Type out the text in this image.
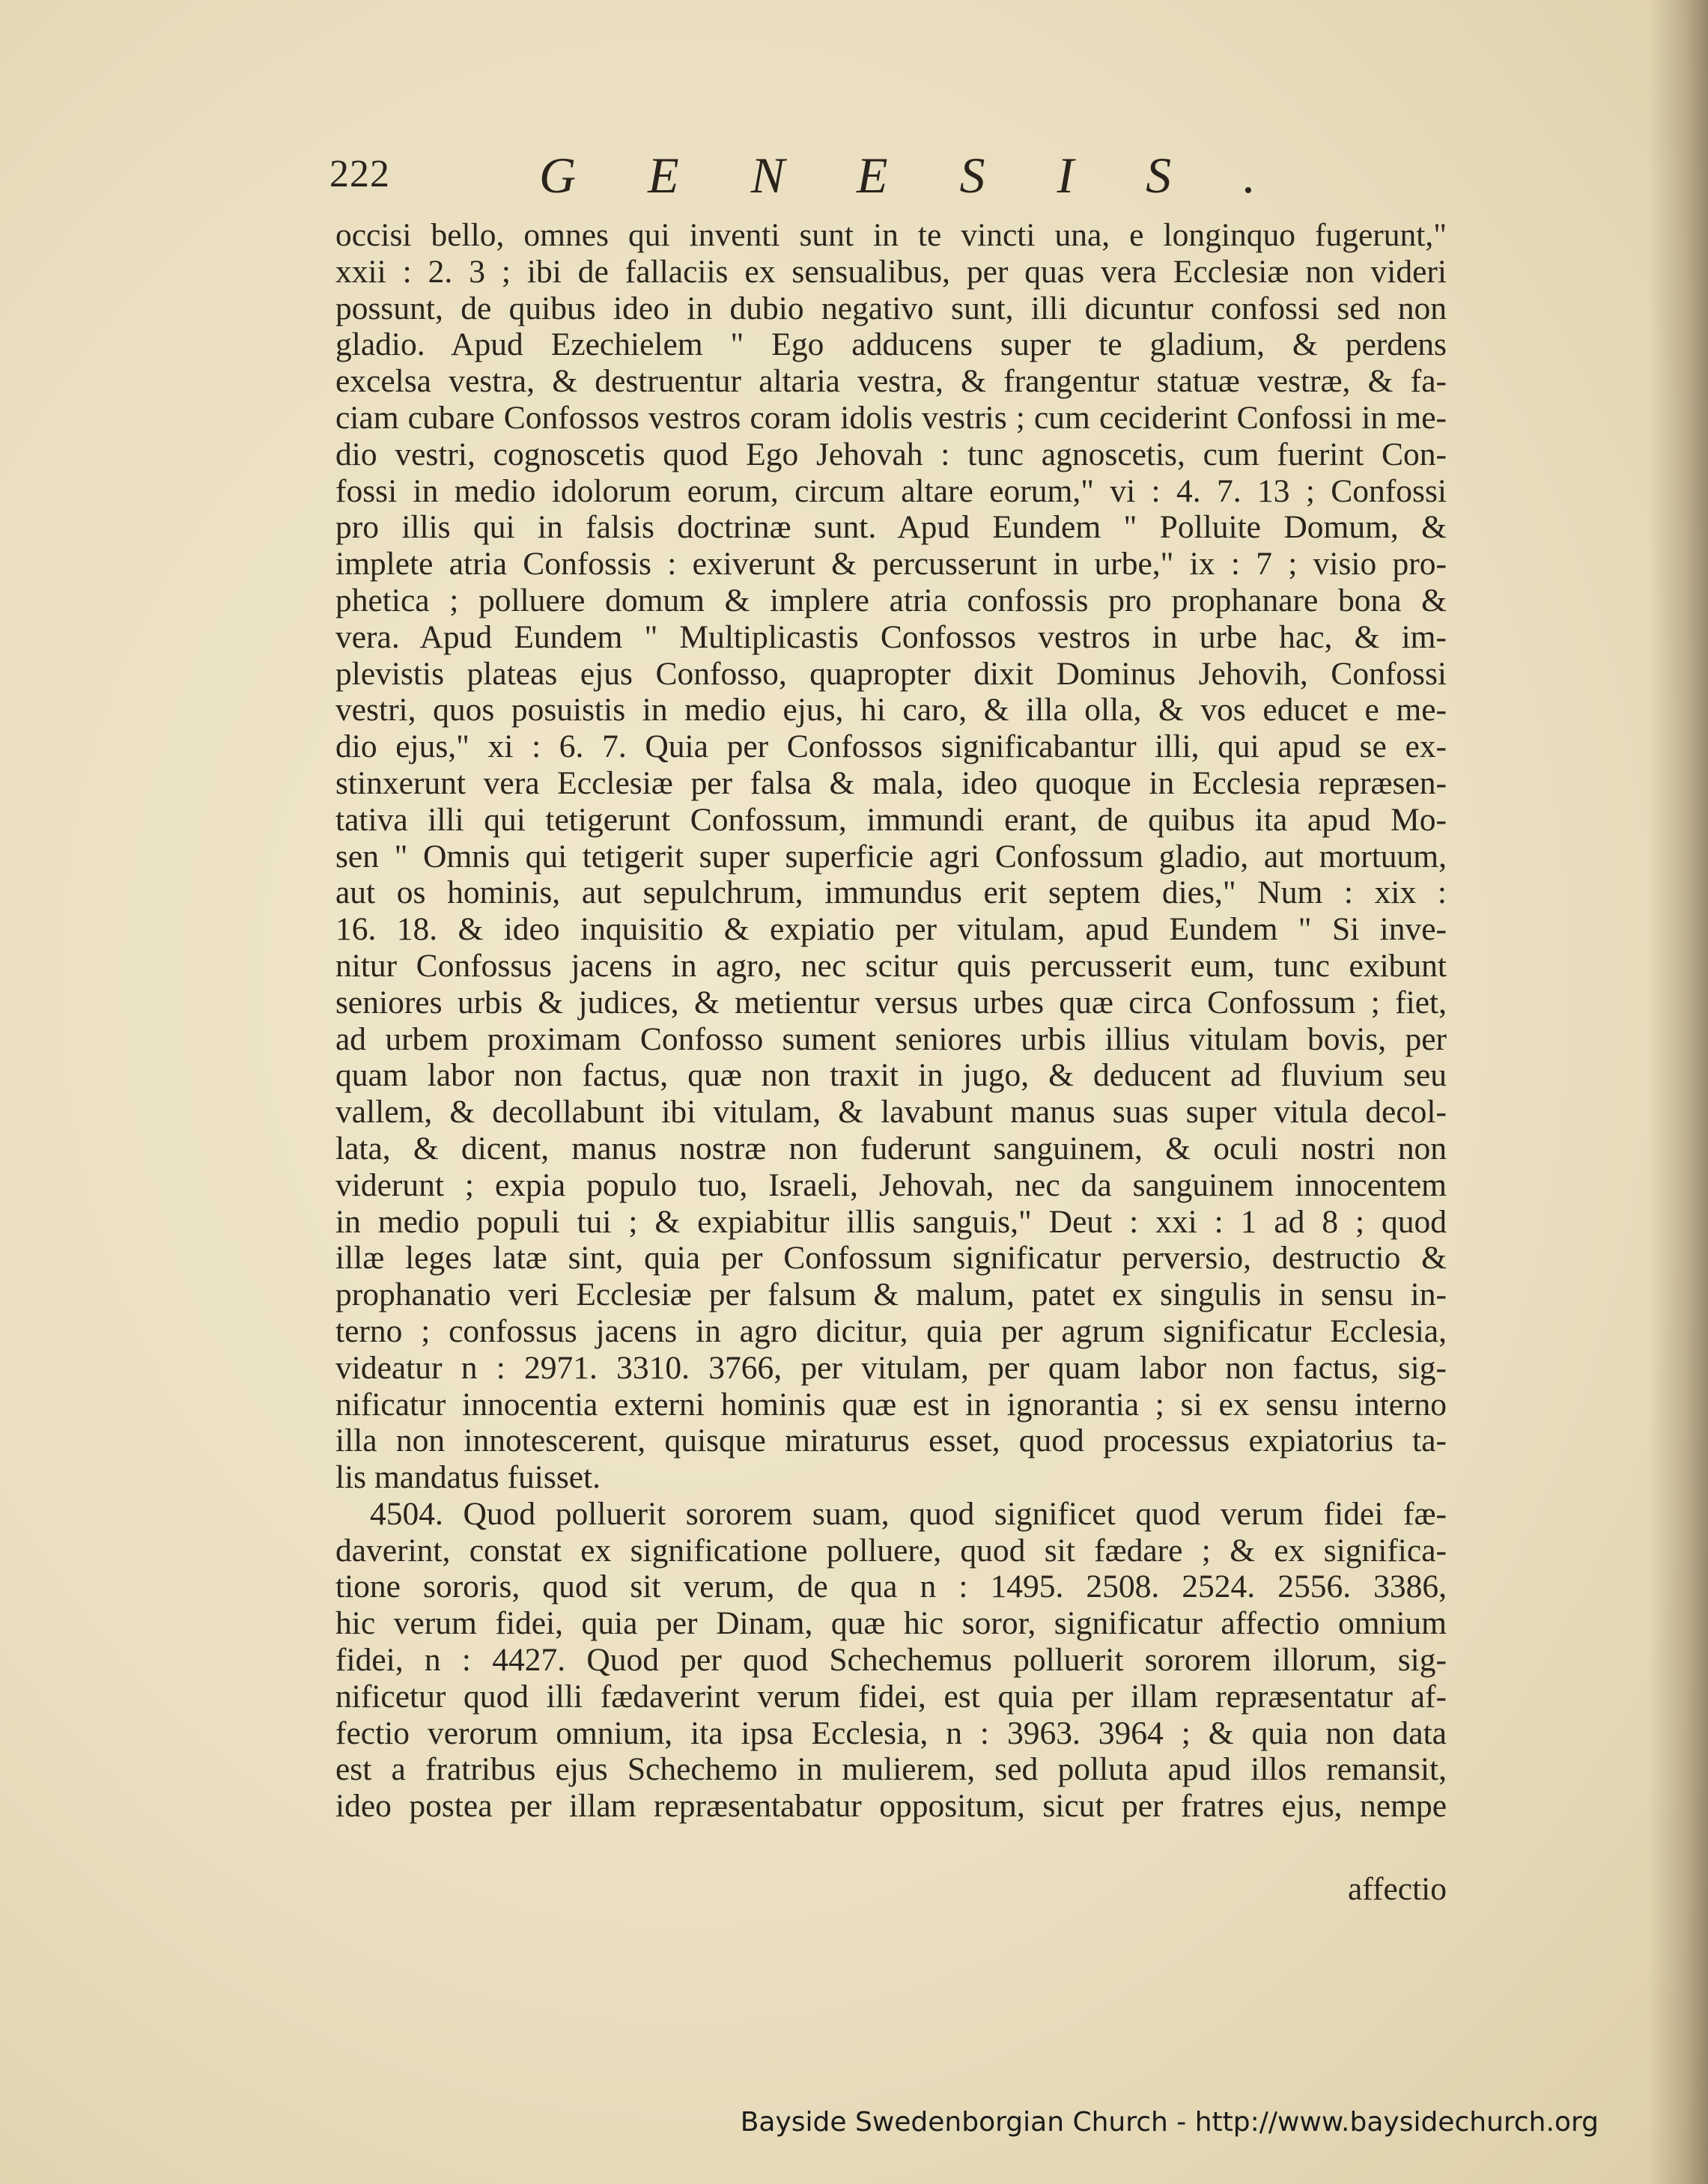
222	GENESIS.
occisi bello, omnes qui inventi sunt in te vincti una, e longinquo fugerunt,"
xxii : 2. 3 ; ibi de fallaciis ex sensualibus, per quas vera Ecclesiæ non videri
possunt, de quibus ideo in dubio negativo sunt, illi dicuntur confossi sed non
gladio. Apud Ezechielem " Ego adducens super te gladium, & perdens
excelsa vestra, & destruentur altaria vestra, & frangentur statuæ vestræ, & fa-
ciam cubare Confossos vestros coram idolis vestris ; cum ceciderint Confossi in me-
dio vestri, cognoscetis quod Ego Jehovah : tunc agnoscetis, cum fuerint Con-
fossi in medio idolorum eorum, circum altare eorum," vi : 4. 7. 13 ; Confossi
pro illis qui in falsis doctrinæ sunt. Apud Eundem " Polluite Domum, &
implete atria Confossis : exiverunt & percusserunt in urbe," ix : 7 ; visio pro-
phetica ; polluere domum & implere atria confossis pro prophanare bona &
vera. Apud Eundem " Multiplicastis Confossos vestros in urbe hac, & im-
plevistis plateas ejus Confosso, quapropter dixit Dominus Jehovih, Confossi
vestri, quos posuistis in medio ejus, hi caro, & illa olla, & vos educet e me-
dio ejus," xi : 6. 7. Quia per Confossos significabantur illi, qui apud se ex-
stinxerunt vera Ecclesiæ per falsa & mala, ideo quoque in Ecclesia repræsen-
tativa illi qui tetigerunt Confossum, immundi erant, de quibus ita apud Mo-
sen " Omnis qui tetigerit super superficie agri Confossum gladio, aut mortuum,
aut os hominis, aut sepulchrum, immundus erit septem dies," Num : xix :
16. 18. & ideo inquisitio & expiatio per vitulam, apud Eundem " Si inve-
nitur Confossus jacens in agro, nec scitur quis percusserit eum, tunc exibunt
seniores urbis & judices, & metientur versus urbes quæ circa Confossum ; fiet,
ad urbem proximam Confosso sument seniores urbis illius vitulam bovis, per
quam labor non factus, quæ non traxit in jugo, & deducent ad fluvium seu
vallem, & decollabunt ibi vitulam, & lavabunt manus suas super vitula decol-
lata, & dicent, manus nostræ non fuderunt sanguinem, & oculi nostri non
viderunt ; expia populo tuo, Israeli, Jehovah, nec da sanguinem innocentem
in medio populi tui ; & expiabitur illis sanguis," Deut : xxi : 1 ad 8 ; quod
illæ leges latæ sint, quia per Confossum significatur perversio, destructio &
prophanatio veri Ecclesiæ per falsum & malum, patet ex singulis in sensu in-
terno ; confossus jacens in agro dicitur, quia per agrum significatur Ecclesia,
videatur n : 2971. 3310. 3766, per vitulam, per quam labor non factus, sig-
nificatur innocentia externi hominis quæ est in ignorantia ; si ex sensu interno
illa non innotescerent, quisque miraturus esset, quod processus expiatorius ta-
lis mandatus fuisset.
4504. Quod polluerit sororem suam, quod significet quod verum fidei fæ-
daverint, constat ex significatione polluere, quod sit fædare ; & ex significa-
tione sororis, quod sit verum, de qua n : 1495. 2508. 2524. 2556. 3386,
hic verum fidei, quia per Dinam, quæ hic soror, significatur affectio omnium
fidei, n : 4427. Quod per quod Schechemus polluerit sororem illorum, sig-
nificetur quod illi fædaverint verum fidei, est quia per illam repræsentatur af-
fectio verorum omnium, ita ipsa Ecclesia, n : 3963. 3964 ; & quia non data
est a fratribus ejus Schechemo in mulierem, sed polluta apud illos remansit,
ideo postea per illam repræsentabatur oppositum, sicut per fratres ejus, nempe
affectio
Bayside Swedenborgian Church - http://www.baysidechurch.org
